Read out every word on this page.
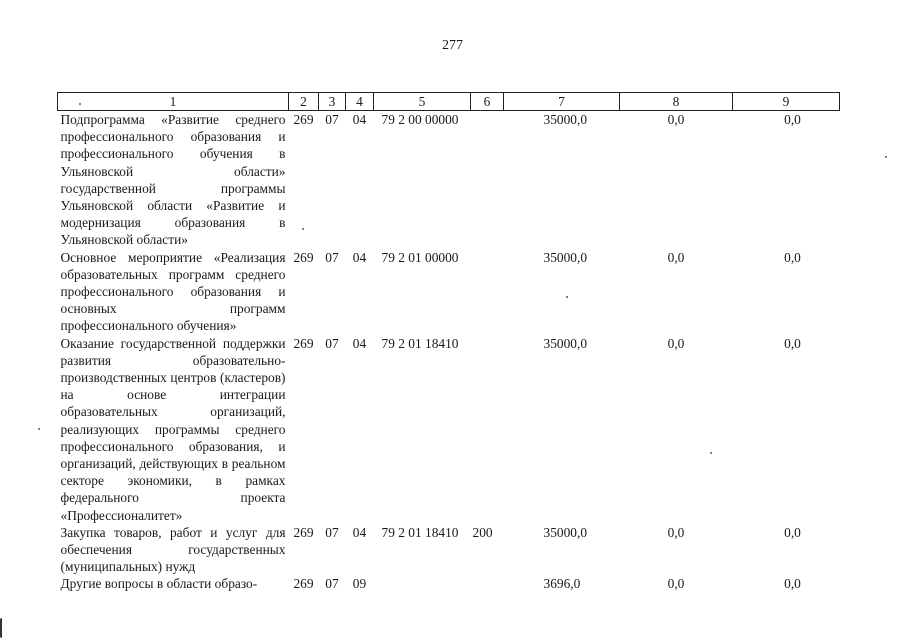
277
1	2	3	4	5	6	7	8	9
Подпрограмма «Развитие среднего профессионального образования и профессионального обучения в Ульяновской области» государственной программы Ульяновской области «Развитие и модернизация образования в Ульяновской области»	269	07	04	79 2 00 00000		35000,0	0,0	0,0
Основное мероприятие «Реализация образовательных программ среднего профессионального образования и основных программ профессионального обучения»	269	07	04	79 2 01 00000		35000,0	0,0	0,0
Оказание государственной поддержки развития образовательно-производственных центров (кластеров) на основе интеграции образовательных организаций, реализующих программы среднего профессионального образования, и организаций, действующих в реальном секторе экономики, в рамках федерального проекта «Профессионалитет»	269	07	04	79 2 01 18410		35000,0	0,0	0,0
Закупка товаров, работ и услуг для обеспечения государственных (муниципальных) нужд	269	07	04	79 2 01 18410	200	35000,0	0,0	0,0
Другие вопросы в области образо-	269	07	09			3696,0	0,0	0,0
